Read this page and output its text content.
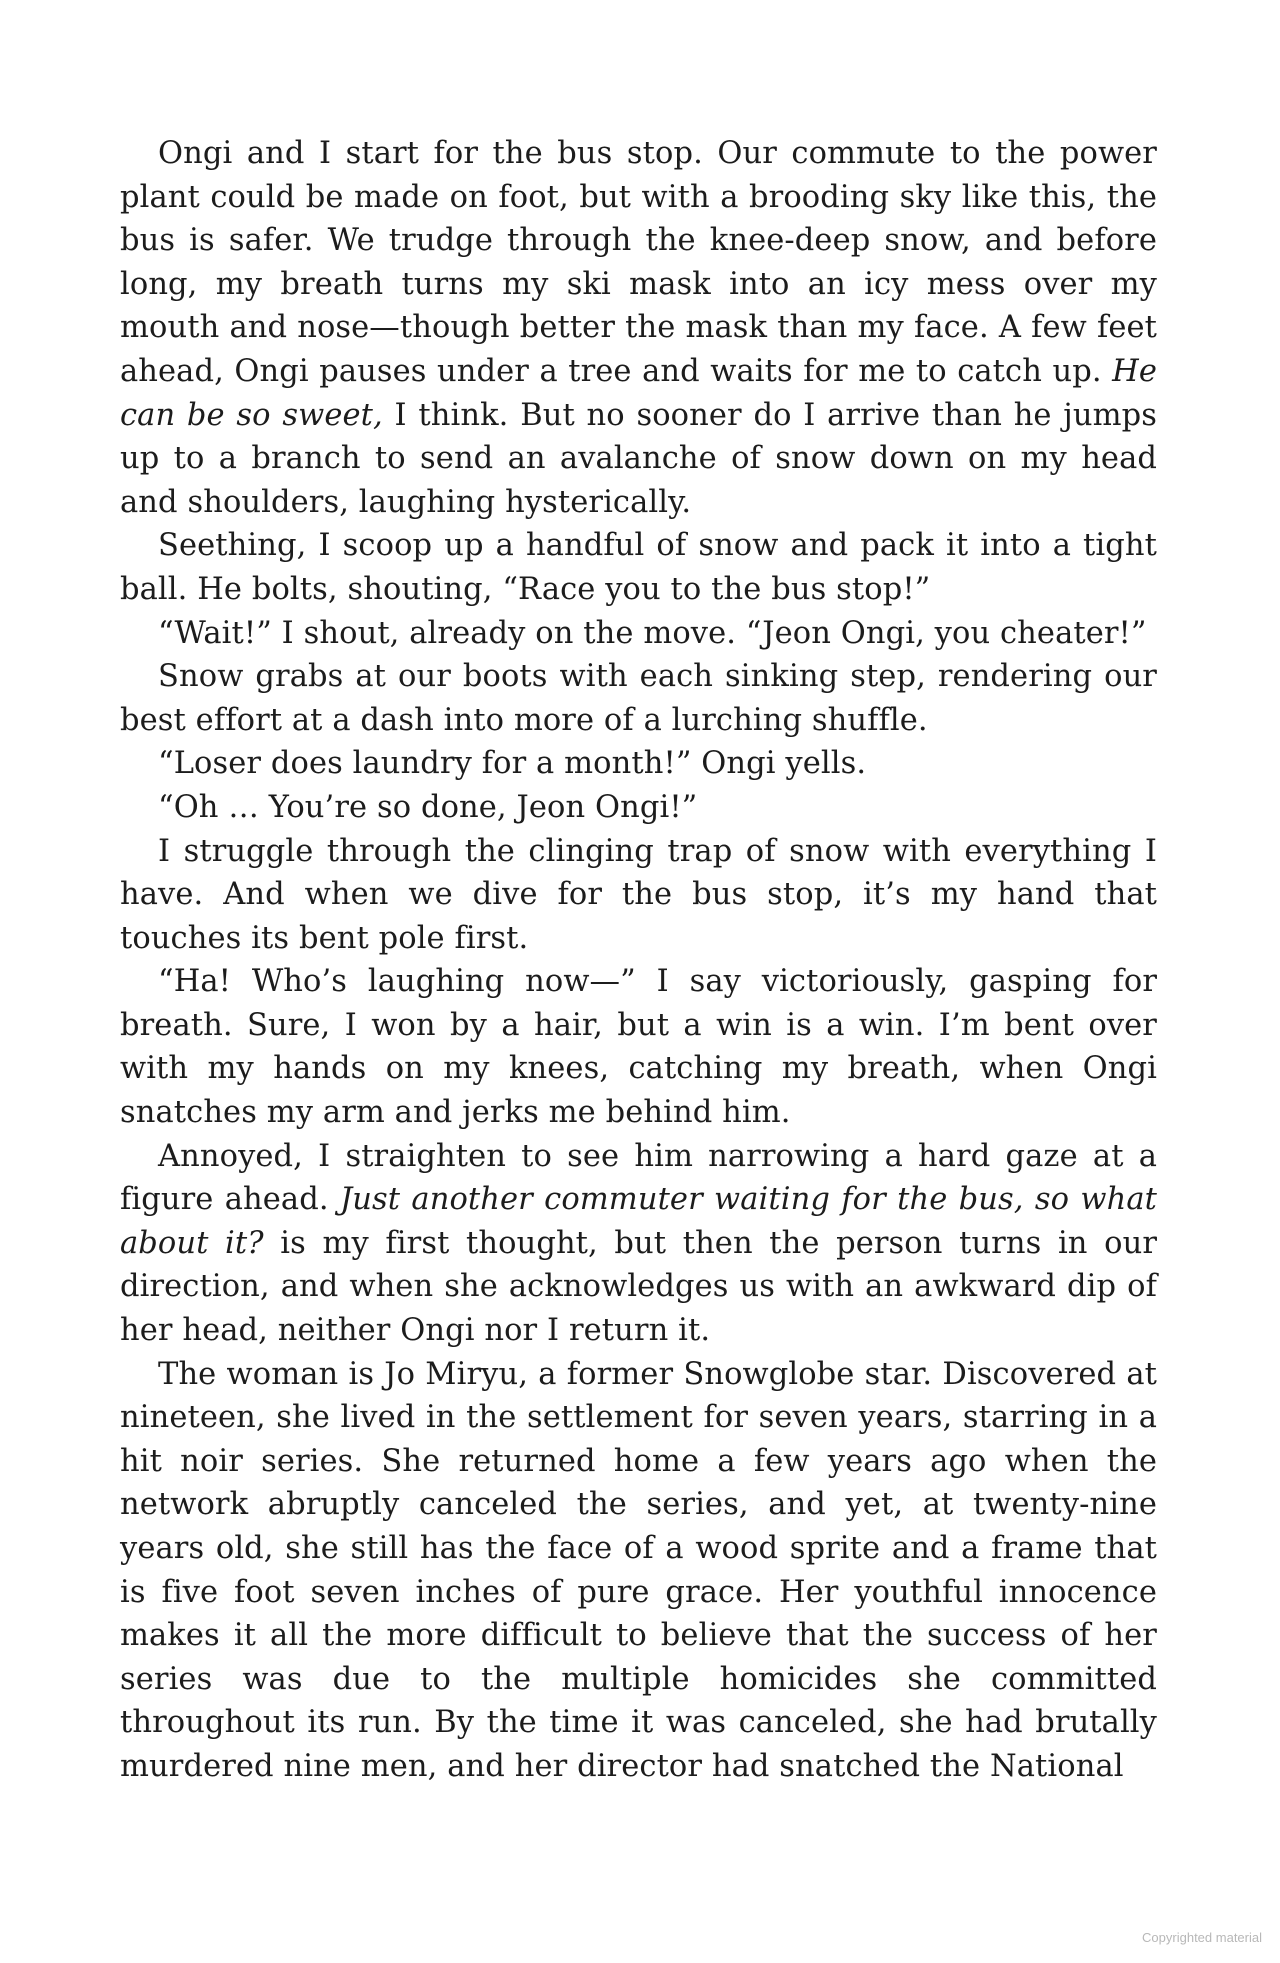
Ongi and I start for the bus stop. Our commute to the power plant could be made on foot, but with a brooding sky like this, the bus is safer. We trudge through the knee-deep snow, and before long, my breath turns my ski mask into an icy mess over my mouth and nose—though better the mask than my face. A few feet ahead, Ongi pauses under a tree and waits for me to catch up. He can be so sweet, I think. But no sooner do I arrive than he jumps up to a branch to send an avalanche of snow down on my head and shoulders, laughing hysterically.

Seething, I scoop up a handful of snow and pack it into a tight ball. He bolts, shouting, “Race you to the bus stop!”

“Wait!” I shout, already on the move. “Jeon Ongi, you cheater!”

Snow grabs at our boots with each sinking step, rendering our best effort at a dash into more of a lurching shuffle.

“Loser does laundry for a month!” Ongi yells.

“Oh … You’re so done, Jeon Ongi!”

I struggle through the clinging trap of snow with everything I have. And when we dive for the bus stop, it’s my hand that touches its bent pole first.

“Ha! Who’s laughing now—” I say victoriously, gasping for breath. Sure, I won by a hair, but a win is a win. I’m bent over with my hands on my knees, catching my breath, when Ongi snatches my arm and jerks me behind him.

Annoyed, I straighten to see him narrowing a hard gaze at a figure ahead. Just another commuter waiting for the bus, so what about it? is my first thought, but then the person turns in our direction, and when she acknowledges us with an awkward dip of her head, neither Ongi nor I return it.

The woman is Jo Miryu, a former Snowglobe star. Discovered at nineteen, she lived in the settlement for seven years, starring in a hit noir series. She returned home a few years ago when the network abruptly canceled the series, and yet, at twenty-nine years old, she still has the face of a wood sprite and a frame that is five foot seven inches of pure grace. Her youthful innocence makes it all the more difficult to believe that the success of her series was due to the multiple homicides she committed throughout its run. By the time it was canceled, she had brutally murdered nine men, and her director had snatched the National

Copyrighted material
